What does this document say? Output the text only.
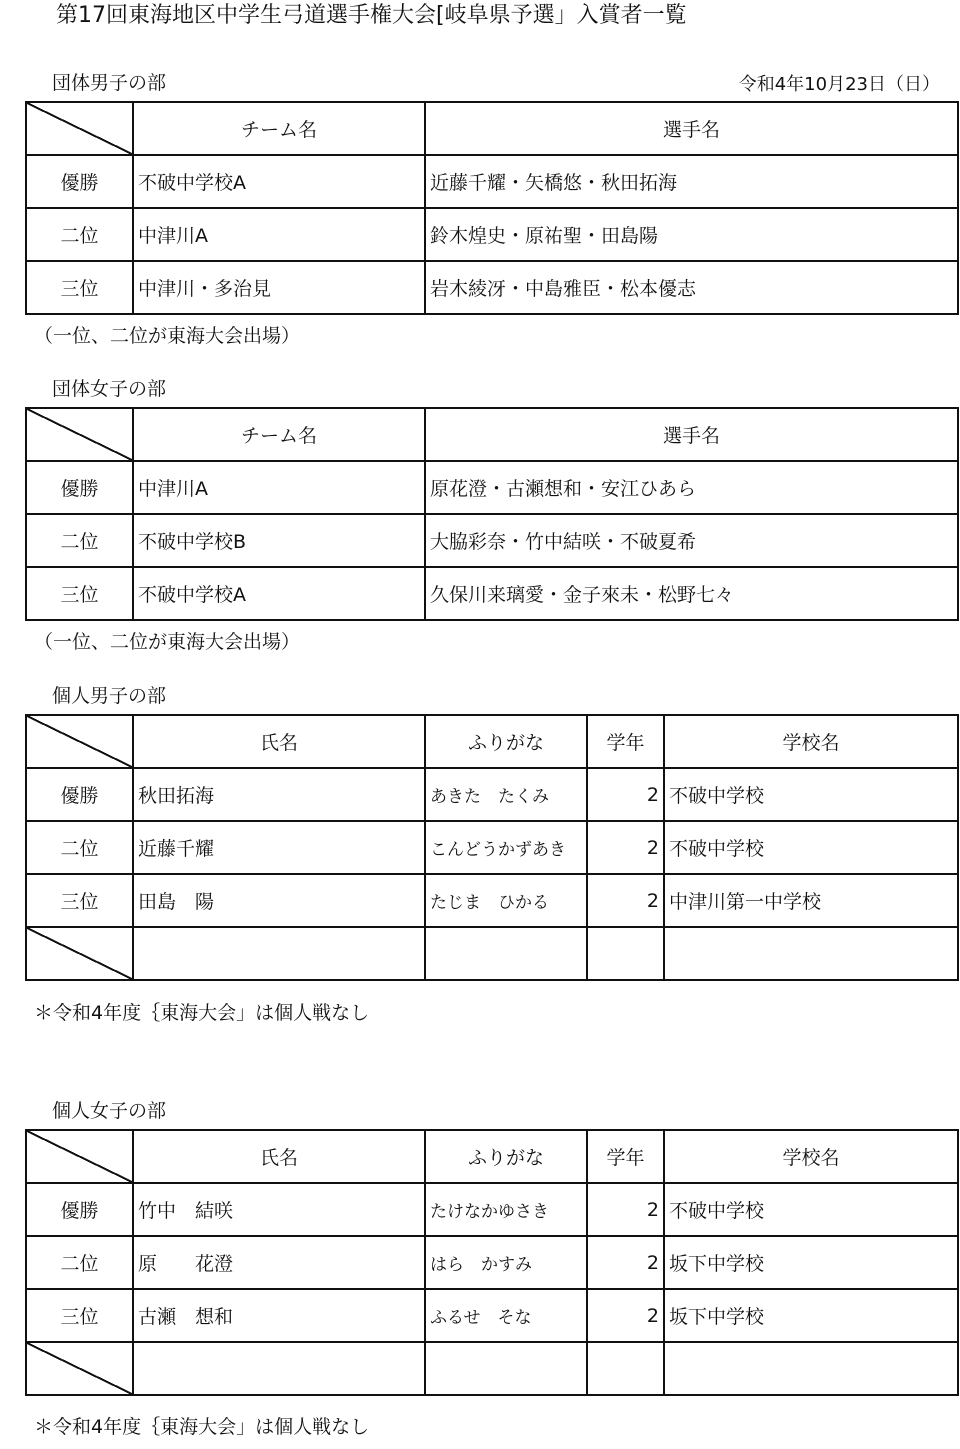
第17回東海地区中学生弓道選手権大会[岐阜県予選」入賞者一覧
令和4年10月23日（日）
団体男子の部
	チーム名	選手名
優勝	不破中学校A	近藤千耀・矢橋悠・秋田拓海
二位	中津川A	鈴木煌史・原祐聖・田島陽
三位	中津川・多治見	岩木綾冴・中島雅臣・松本優志
（一位、二位が東海大会出場）
団体女子の部
	チーム名	選手名
優勝	中津川A	原花澄・古瀬想和・安江ひあら
二位	不破中学校B	大脇彩奈・竹中結咲・不破夏希
三位	不破中学校A	久保川来璃愛・金子來未・松野七々
（一位、二位が東海大会出場）
個人男子の部
	氏名	ふりがな	学年	学校名
優勝	秋田拓海	あきた　たくみ	2	不破中学校
二位	近藤千耀	こんどうかずあき	2	不破中学校
三位	田島　陽	たじま　ひかる	2	中津川第一中学校

＊令和4年度｛東海大会」は個人戦なし
個人女子の部
	氏名	ふりがな	学年	学校名
優勝	竹中　結咲	たけなかゆさき	2	不破中学校
二位	原　　花澄	はら　かすみ	2	坂下中学校
三位	古瀬　想和	ふるせ　そな	2	坂下中学校

＊令和4年度｛東海大会」は個人戦なし
